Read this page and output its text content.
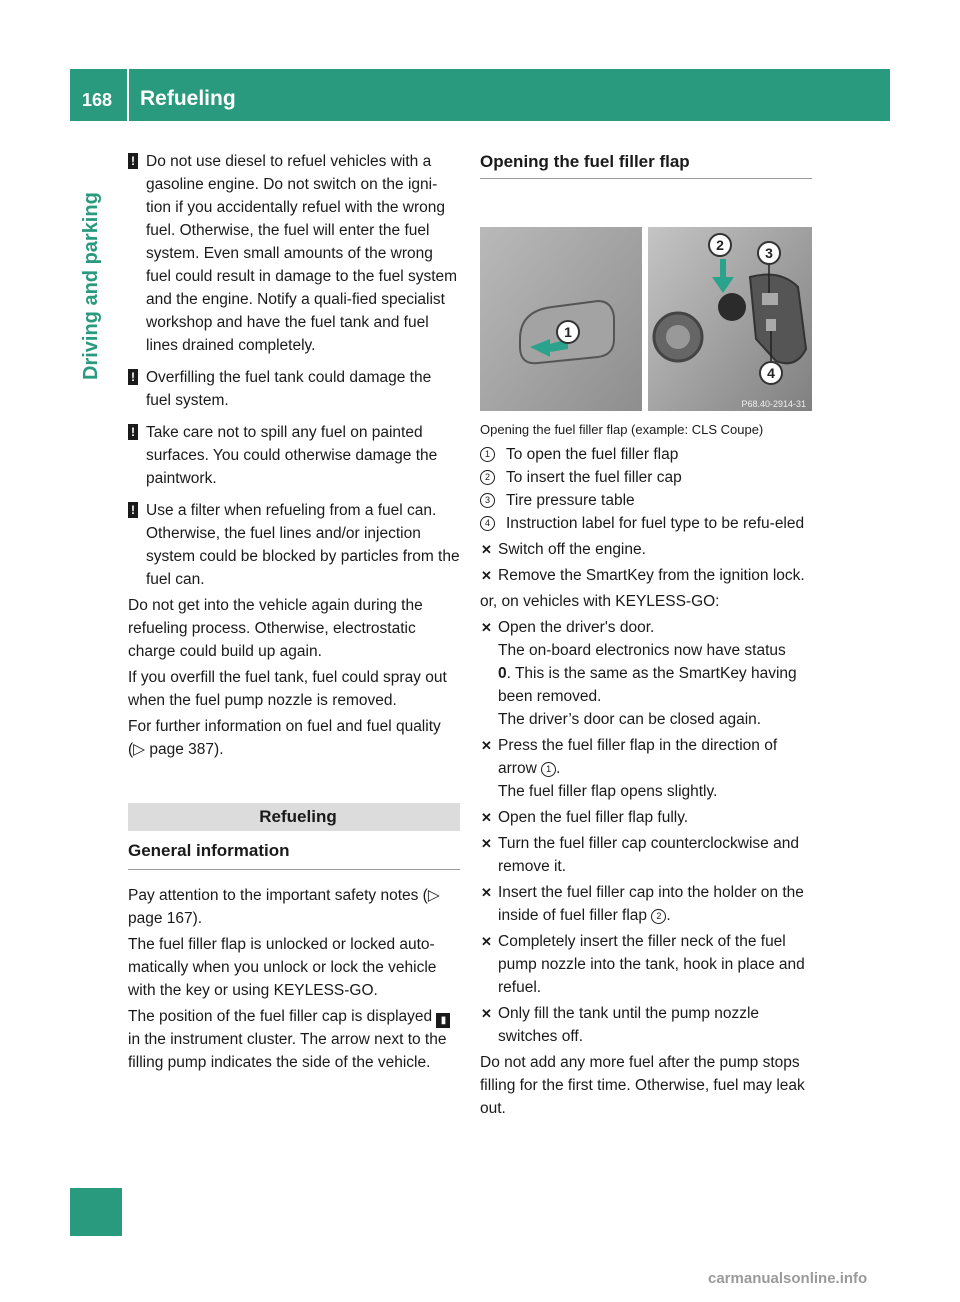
168 Refueling
Driving and parking
! Do not use diesel to refuel vehicles with a gasoline engine. Do not switch on the igni-tion if you accidentally refuel with the wrong fuel. Otherwise, the fuel will enter the fuel system. Even small amounts of the wrong fuel could result in damage to the fuel system and the engine. Notify a quali-fied specialist workshop and have the fuel tank and fuel lines drained completely.

! Overfilling the fuel tank could damage the fuel system.

! Take care not to spill any fuel on painted surfaces. You could otherwise damage the paintwork.

! Use a filter when refueling from a fuel can. Otherwise, the fuel lines and/or injection system could be blocked by particles from the fuel can.

Do not get into the vehicle again during the refueling process. Otherwise, electrostatic charge could build up again.

If you overfill the fuel tank, fuel could spray out when the fuel pump nozzle is removed.

For further information on fuel and fuel quality (▷ page 387).

Refueling
General information

Pay attention to the important safety notes (▷ page 167).

The fuel filler flap is unlocked or locked auto-matically when you unlock or lock the vehicle with the key or using KEYLESS-GO.

The position of the fuel filler cap is displayed ▮ in the instrument cluster. The arrow next to the filling pump indicates the side of the vehicle.

Opening the fuel filler flap
1
2	3
4
P68.40-2914-31

Opening the fuel filler flap (example: CLS Coupe)

1	To open the fuel filler flap
2	To insert the fuel filler cap
3	Tire pressure table
4	Instruction label for fuel type to be refu-eled
✕ Switch off the engine.
✕ Remove the SmartKey from the ignition lock.

or, on vehicles with KEYLESS-GO:

✕ Open the driver's door.
The on-board electronics now have status
0. This is the same as the SmartKey having been removed.
The driver’s door can be closed again.
✕ Press the fuel filler flap in the direction of arrow 1 .
The fuel filler flap opens slightly.
✕ Open the fuel filler flap fully.
✕ Turn the fuel filler cap counterclockwise and remove it.
✕ Insert the fuel filler cap into the holder on the inside of fuel filler flap 2 .
✕ Completely insert the filler neck of the fuel pump nozzle into the tank, hook in place and refuel.
✕ Only fill the tank until the pump nozzle switches off.

Do not add any more fuel after the pump stops filling for the first time. Otherwise, fuel may leak out.

carmanualsonline.info
